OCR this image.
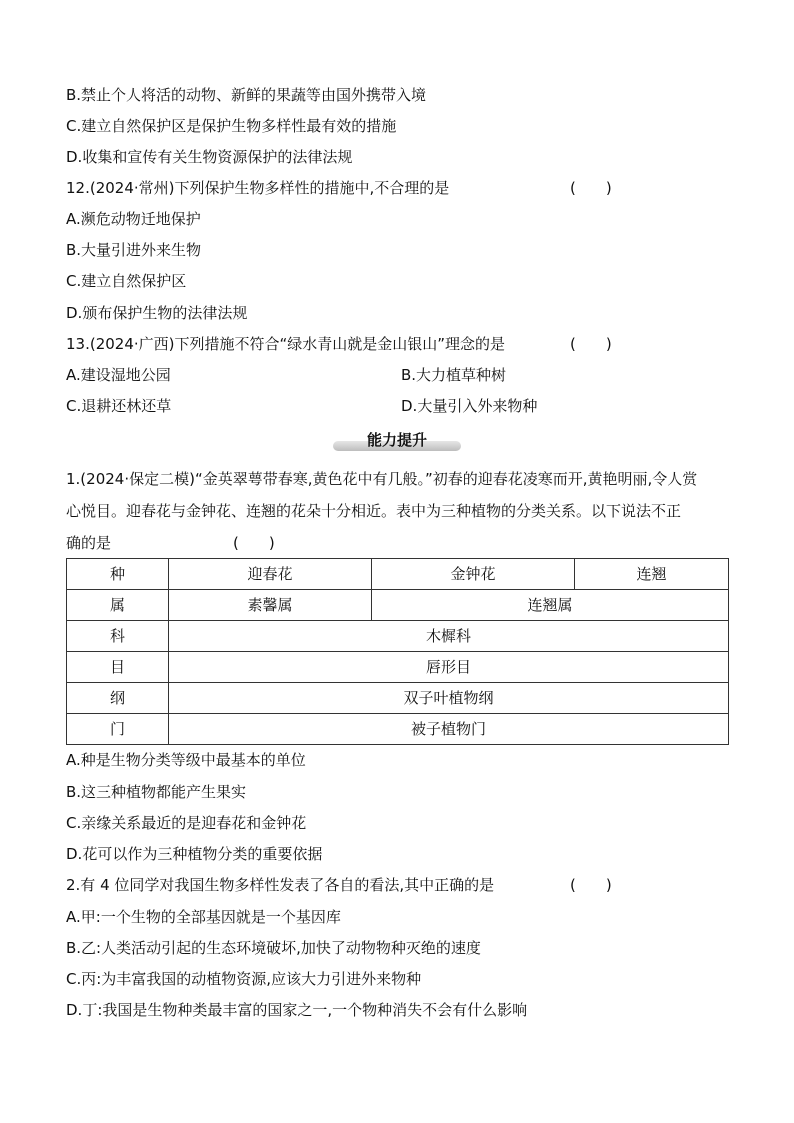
B.禁止个人将活的动物、新鲜的果蔬等由国外携带入境
C.建立自然保护区是保护生物多样性最有效的措施
D.收集和宣传有关生物资源保护的法律法规
12.(2024·常州)下列保护生物多样性的措施中,不合理的是	(　　)
A.濒危动物迁地保护
B.大量引进外来生物
C.建立自然保护区
D.颁布保护生物的法律法规
13.(2024·广西)下列措施不符合“绿水青山就是金山银山”理念的是	(　　)
A.建设湿地公园	B.大力植草种树
C.退耕还林还草	D.大量引入外来物种
能力提升
1.(2024·保定二模)“金英翠萼带春寒,黄色花中有几般。”初春的迎春花凌寒而开,黄艳明丽,令人赏
心悦目。迎春花与金钟花、连翘的花朵十分相近。表中为三种植物的分类关系。以下说法不正
确的是	(　　)
种	迎春花	金钟花	连翘
属	素馨属	连翘属	
科	木樨科		
目	唇形目		
纲	双子叶植物纲		
门	被子植物门		
A.种是生物分类等级中最基本的单位
B.这三种植物都能产生果实
C.亲缘关系最近的是迎春花和金钟花
D.花可以作为三种植物分类的重要依据
2.有 4 位同学对我国生物多样性发表了各自的看法,其中正确的是	(　　)
A.甲:一个生物的全部基因就是一个基因库
B.乙:人类活动引起的生态环境破坏,加快了动物物种灭绝的速度
C.丙:为丰富我国的动植物资源,应该大力引进外来物种
D.丁:我国是生物种类最丰富的国家之一,一个物种消失不会有什么影响
